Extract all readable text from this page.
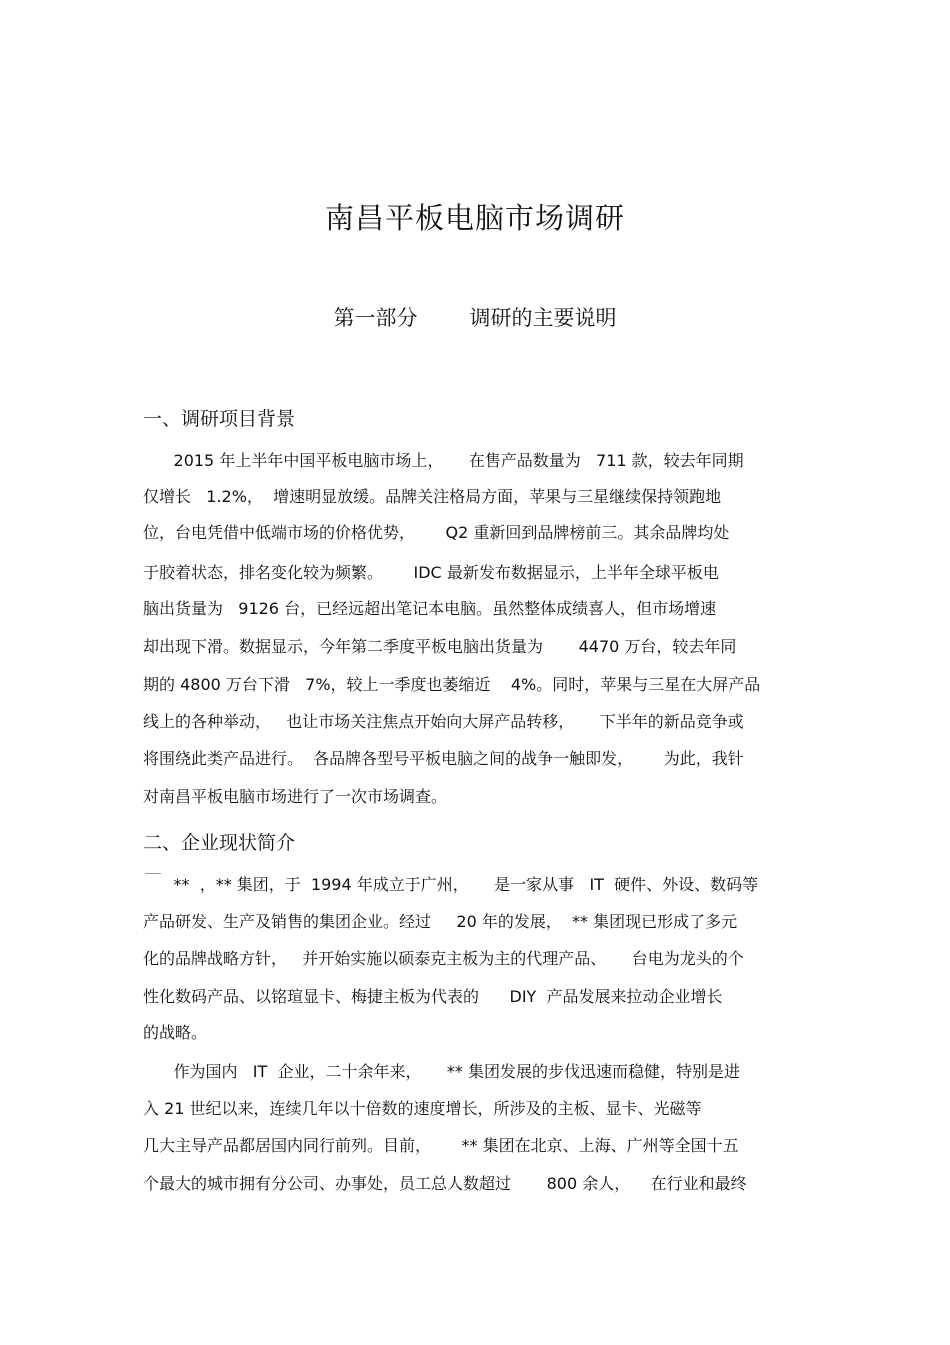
南昌平板电脑市场调研
第一部分 调研的主要说明
一、调研项目背景
2015 年上半年中国平板电脑市场上，     在售产品数量为   711 款，较去年同期
仅增长   1.2%，  增速明显放缓。品牌关注格局方面，苹果与三星继续保持领跑地
位，台电凭借中低端市场的价格优势，      Q2 重新回到品牌榜前三。其余品牌均处
于胶着状态，排名变化较为频繁。      IDC 最新发布数据显示，上半年全球平板电
脑出货量为   9126 台，已经远超出笔记本电脑。虽然整体成绩喜人，但市场增速
却出现下滑。数据显示，今年第二季度平板电脑出货量为       4470 万台，较去年同
期的 4800 万台下滑   7%，较上一季度也萎缩近    4%。同时，苹果与三星在大屏产品
线上的各种举动，   也让市场关注焦点开始向大屏产品转移，     下半年的新品竞争或
将围绕此类产品进行。  各品牌各型号平板电脑之间的战争一触即发，      为此，我针
对南昌平板电脑市场进行了一次市场调查。
二、企业现状简介
**  ，** 集团，于  1994 年成立于广州，     是一家从事   IT  硬件、外设、数码等
产品研发、生产及销售的集团企业。经过     20 年的发展，  ** 集团现已形成了多元
化的品牌战略方针，   并开始实施以硕泰克主板为主的代理产品、     台电为龙头的个
性化数码产品、以铭瑄显卡、梅捷主板为代表的      DIY  产品发展来拉动企业增长
的战略。
作为国内   IT  企业，二十余年来，     ** 集团发展的步伐迅速而稳健，特别是进
入 21 世纪以来，连续几年以十倍数的速度增长，所涉及的主板、显卡、光磁等
几大主导产品都居国内同行前列。目前，      ** 集团在北京、上海、广州等全国十五
个最大的城市拥有分公司、办事处，员工总人数超过       800 余人，    在行业和最终
